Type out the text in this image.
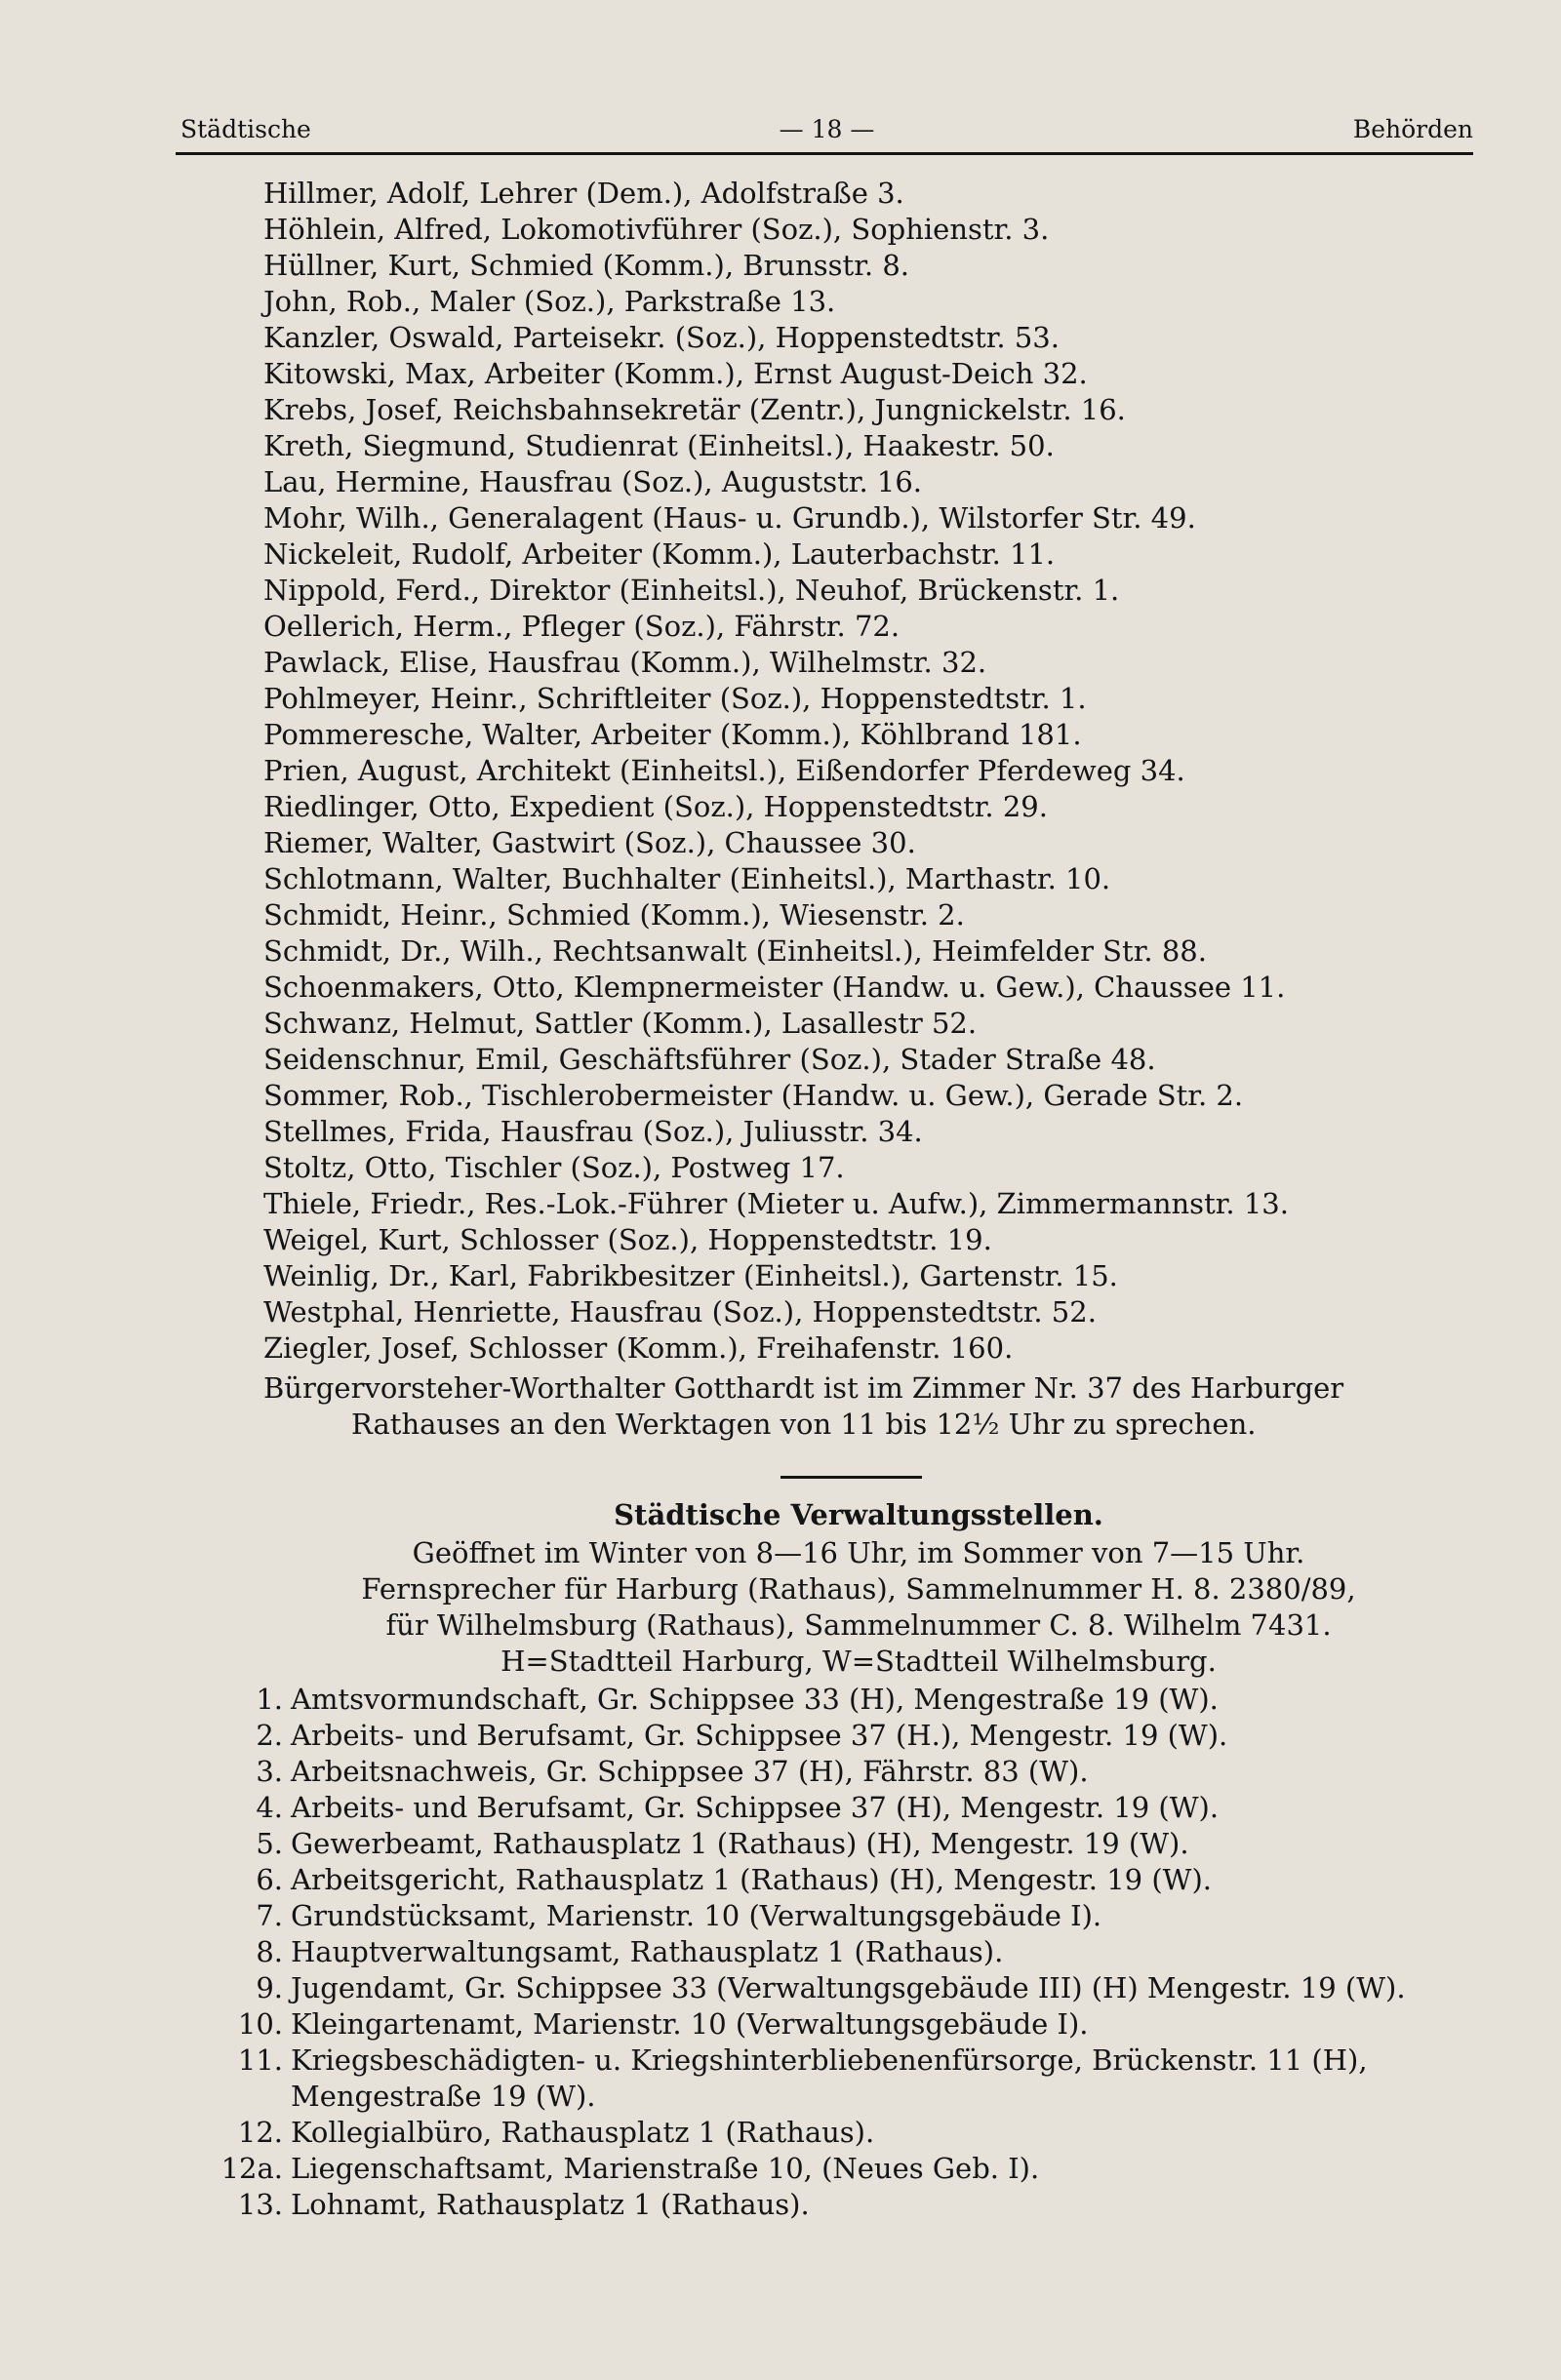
Städtische	— 18 —	Behörden
Hillmer, Adolf, Lehrer (Dem.), Adolfstraße 3.
Höhlein, Alfred, Lokomotivführer (Soz.), Sophienstr. 3.
Hüllner, Kurt, Schmied (Komm.), Brunsstr. 8.
John, Rob., Maler (Soz.), Parkstraße 13.
Kanzler, Oswald, Parteisekr. (Soz.), Hoppenstedtstr. 53.
Kitowski, Max, Arbeiter (Komm.), Ernst August-Deich 32.
Krebs, Josef, Reichsbahnsekretär (Zentr.), Jungnickelstr. 16.
Kreth, Siegmund, Studienrat (Einheitsl.), Haakestr. 50.
Lau, Hermine, Hausfrau (Soz.), Auguststr. 16.
Mohr, Wilh., Generalagent (Haus- u. Grundb.), Wilstorfer Str. 49.
Nickeleit, Rudolf, Arbeiter (Komm.), Lauterbachstr. 11.
Nippold, Ferd., Direktor (Einheitsl.), Neuhof, Brückenstr. 1.
Oellerich, Herm., Pfleger (Soz.), Fährstr. 72.
Pawlack, Elise, Hausfrau (Komm.), Wilhelmstr. 32.
Pohlmeyer, Heinr., Schriftleiter (Soz.), Hoppenstedtstr. 1.
Pommeresche, Walter, Arbeiter (Komm.), Köhlbrand 181.
Prien, August, Architekt (Einheitsl.), Eißendorfer Pferdeweg 34.
Riedlinger, Otto, Expedient (Soz.), Hoppenstedtstr. 29.
Riemer, Walter, Gastwirt (Soz.), Chaussee 30.
Schlotmann, Walter, Buchhalter (Einheitsl.), Marthastr. 10.
Schmidt, Heinr., Schmied (Komm.), Wiesenstr. 2.
Schmidt, Dr., Wilh., Rechtsanwalt (Einheitsl.), Heimfelder Str. 88.
Schoenmakers, Otto, Klempnermeister (Handw. u. Gew.), Chaussee 11.
Schwanz, Helmut, Sattler (Komm.), Lasallestr 52.
Seidenschnur, Emil, Geschäftsführer (Soz.), Stader Straße 48.
Sommer, Rob., Tischlerobermeister (Handw. u. Gew.), Gerade Str. 2.
Stellmes, Frida, Hausfrau (Soz.), Juliusstr. 34.
Stoltz, Otto, Tischler (Soz.), Postweg 17.
Thiele, Friedr., Res.-Lok.-Führer (Mieter u. Aufw.), Zimmermannstr. 13.
Weigel, Kurt, Schlosser (Soz.), Hoppenstedtstr. 19.
Weinlig, Dr., Karl, Fabrikbesitzer (Einheitsl.), Gartenstr. 15.
Westphal, Henriette, Hausfrau (Soz.), Hoppenstedtstr. 52.
Ziegler, Josef, Schlosser (Komm.), Freihafenstr. 160.
Bürgervorsteher-Worthalter Gotthardt ist im Zimmer Nr. 37 des Harburger
Rathauses an den Werktagen von 11 bis 12½ Uhr zu sprechen.
Städtische Verwaltungsstellen.
Geöffnet im Winter von 8—16 Uhr, im Sommer von 7—15 Uhr.
Fernsprecher für Harburg (Rathaus), Sammelnummer H. 8. 2380/89,
für Wilhelmsburg (Rathaus), Sammelnummer C. 8. Wilhelm 7431.
H=Stadtteil Harburg, W=Stadtteil Wilhelmsburg.
1. Amtsvormundschaft, Gr. Schippsee 33 (H), Mengestraße 19 (W).
2. Arbeits- und Berufsamt, Gr. Schippsee 37 (H.), Mengestr. 19 (W).
3. Arbeitsnachweis, Gr. Schippsee 37 (H), Fährstr. 83 (W).
4. Arbeits- und Berufsamt, Gr. Schippsee 37 (H), Mengestr. 19 (W).
5. Gewerbeamt, Rathausplatz 1 (Rathaus) (H), Mengestr. 19 (W).
6. Arbeitsgericht, Rathausplatz 1 (Rathaus) (H), Mengestr. 19 (W).
7. Grundstücksamt, Marienstr. 10 (Verwaltungsgebäude I).
8. Hauptverwaltungsamt, Rathausplatz 1 (Rathaus).
9. Jugendamt, Gr. Schippsee 33 (Verwaltungsgebäude III) (H) Mengestr. 19 (W).
10. Kleingartenamt, Marienstr. 10 (Verwaltungsgebäude I).
11. Kriegsbeschädigten- u. Kriegshinterbliebenenfürsorge, Brückenstr. 11 (H), Mengestraße 19 (W).
12. Kollegialbüro, Rathausplatz 1 (Rathaus).
12a. Liegenschaftsamt, Marienstraße 10, (Neues Geb. I).
13. Lohnamt, Rathausplatz 1 (Rathaus).
